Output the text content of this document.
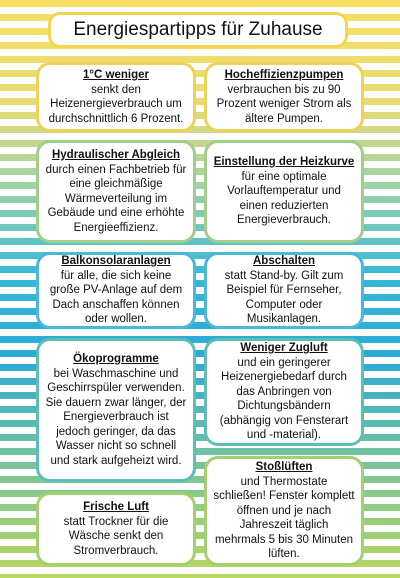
Energiespartipps für Zuhause
1°C weniger
senkt den Heizenergieverbrauch um durchschnittlich 6 Prozent.
Hocheffizienzpumpen
verbrauchen bis zu 90 Prozent weniger Strom als ältere Pumpen.
Hydraulischer Abgleich
durch einen Fachbetrieb für eine gleichmäßige Wärmeverteilung im Gebäude und eine erhöhte Energieeffizienz.
Einstellung der Heizkurve
für eine optimale Vorlauftemperatur und einen reduzierten Energieverbrauch.
Balkonsolaranlagen
für alle, die sich keine große PV-Anlage auf dem Dach anschaffen können oder wollen.
Abschalten
statt Stand-by. Gilt zum Beispiel für Fernseher, Computer oder Musikanlagen.
Ökoprogramme
bei Waschmaschine und Geschirrspüler verwenden. Sie dauern zwar länger, der Energieverbrauch ist jedoch geringer, da das Wasser nicht so schnell und stark aufgeheizt wird.
Weniger Zugluft
und ein geringerer Heizenergiebedarf durch das Anbringen von Dichtungsbändern (abhängig von Fensterart und -material).
Frische Luft
statt Trockner für die Wäsche senkt den Stromverbrauch.
Stoßlüften
und Thermostate schließen! Fenster komplett öffnen und je nach Jahreszeit täglich mehrmals 5 bis 30 Minuten lüften.
